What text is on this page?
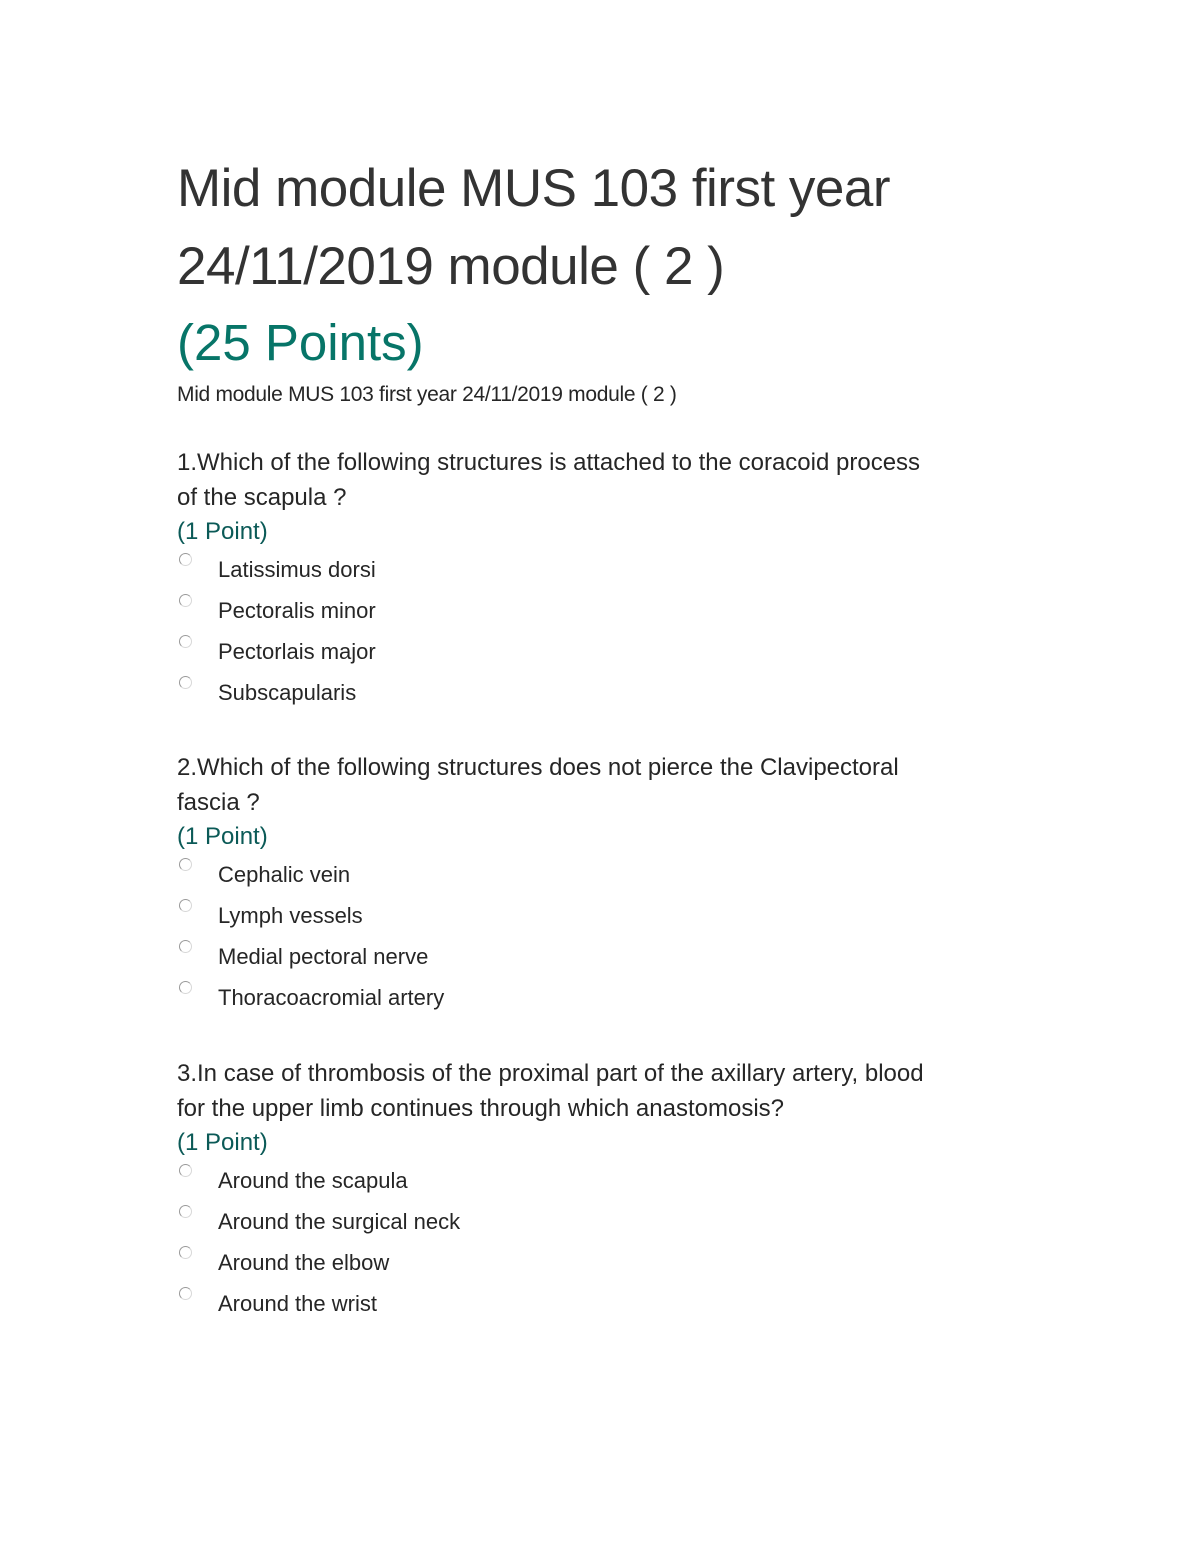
Mid module MUS 103 first year
24/11/2019 module ( 2 )
(25 Points)
Mid module MUS 103 first year 24/11/2019 module ( 2 )

1.Which of the following structures is attached to the coracoid process
of the scapula ?

(1 Point)

Latissimus dorsi
Pectoralis minor
Pectorlais major
Subscapularis

2.Which of the following structures does not pierce the Clavipectoral
fascia ?

(1 Point)

Cephalic vein
Lymph vessels
Medial pectoral nerve
Thoracoacromial artery

3.In case of thrombosis of the proximal part of the axillary artery, blood
for the upper limb continues through which anastomosis?

(1 Point)

Around the scapula
Around the surgical neck
Around the elbow
Around the wrist
